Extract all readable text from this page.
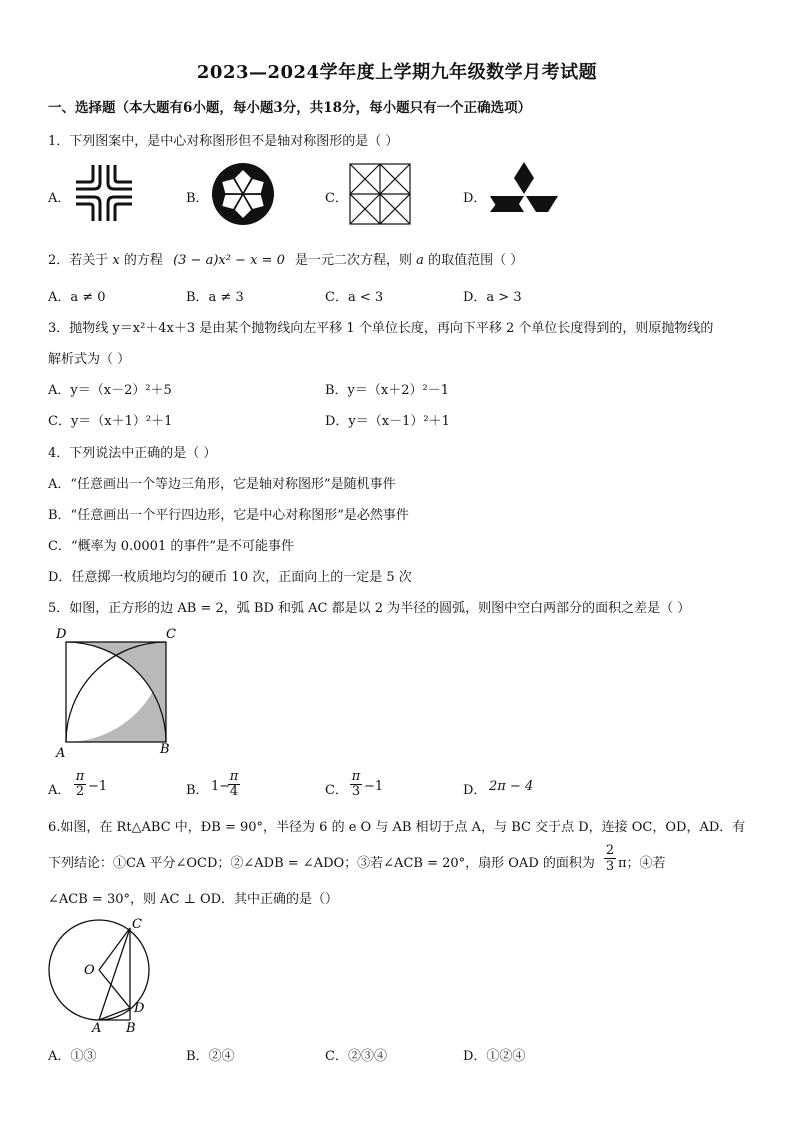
2023—2024学年度上学期九年级数学月考试题
一、选择题（本大题有6小题，每小题3分，共18分，每小题只有一个正确选项）
1．下列图案中，是中心对称图形但不是轴对称图形的是（ ）
A．	B．	C．	D．
2．若关于 x 的方程 (3 − a)x² − x = 0 是一元二次方程，则 a 的取值范围（ ）
A．a ≠ 0	B．a ≠ 3	C．a < 3	D．a > 3
3．抛物线 y＝x²＋4x＋3 是由某个抛物线向左平移 1 个单位长度，再向下平移 2 个单位长度得到的，则原抛物线的
解析式为（ ）
A．y＝（x－2）²＋5	B．y＝（x＋2）²－1
C．y＝（x＋1）²＋1	D．y＝（x－1）²＋1
4．下列说法中正确的是（ ）
A．“任意画出一个等边三角形，它是轴对称图形”是随机事件
B．“任意画出一个平行四边形，它是中心对称图形”是必然事件
C．“概率为 0.0001 的事件”是不可能事件
D．任意掷一枚质地均匀的硬币 10 次，正面向上的一定是 5 次
5．如图，正方形的边 AB = 2，弧 BD 和弧 AC 都是以 2 为半径的圆弧，则图中空白两部分的面积之差是（ ）
D	C
A	B
A． $\frac{\pi}{2} -1$	B． 1−
$\frac{\pi}{4}$	C． $\frac{\pi}{3} -1$	D． 2π − 4
6.如图，在 Rt△ABC 中，ÐB = 90°，半径为 6 的 e O 与 AB 相切于点 A，与 BC 交于点 D，连接 OC，OD，AD．有
下列结论：①CA 平分∠OCD；②∠ADB = ∠ADO；③若∠ACB = 20°，扇形 OAD 的面积为 $\frac{2}{3}$ π；④若
∠ACB = 30°，则 AC ⊥ OD．其中正确的是（）
C
O
D
A B
A．①③	B．②④	C．②③④	D．①②④
